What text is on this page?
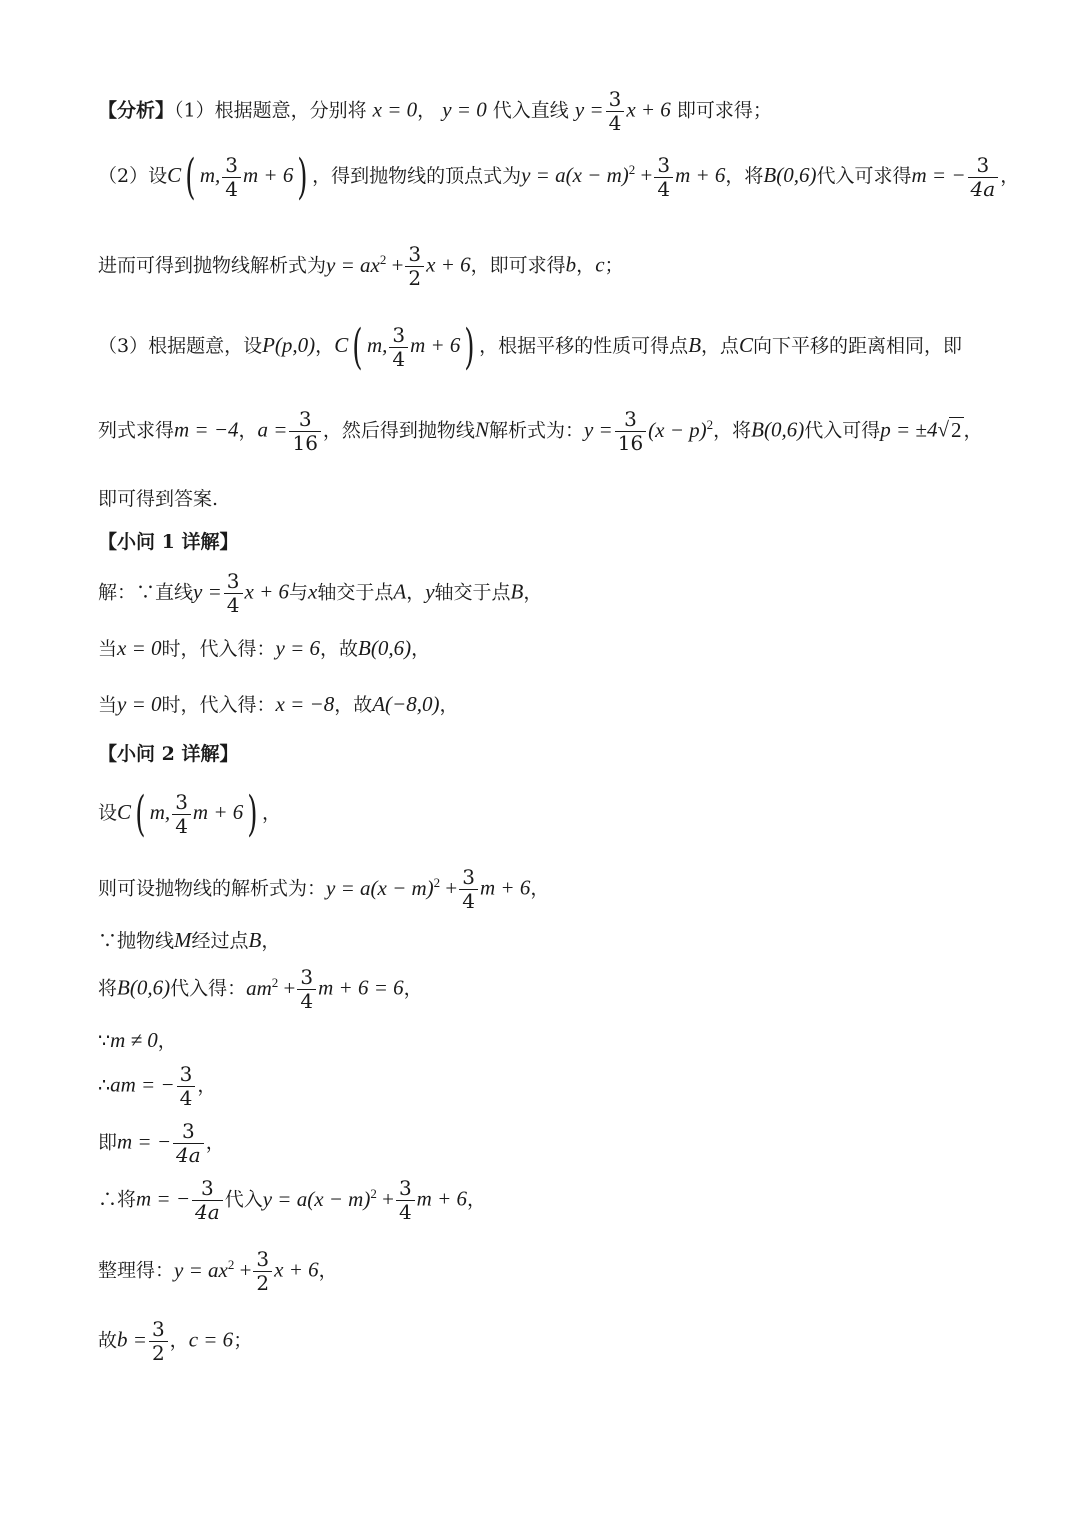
【分析】（1）根据题意，分别将 x = 0， y = 0 代入直线 $y = \frac{3}{4}$ x + 6 即可求得；
（2）设C( m, $\frac{3}{4}$ m + 6) ，得到抛物线的顶点式为$y = a(x - m)^2 + \frac{3}{4}$ m + 6，将B(0,6)代入可求得m = − $\frac{3}{4a}$ ，
进而可得到抛物线解析式为$y = ax^2 + \frac{3}{2}$ x + 6，即可求得b，c；
（3）根据题意，设P(p,0)，C( m, $\frac{3}{4}$ m + 6) ，根据平移的性质可得点B，点C向下平移的距离相同，即
列式求得m = −4，$a = \frac{3}{16}$ ，然后得到抛物线N解析式为：$y = \frac{3}{16} (x - p)^2$，将B(0,6)代入可得p = ±4√2 ，
即可得到答案.
【小问 1 详解】
解：∵直线$y = \frac{3}{4}$ x + 6与x轴交于点A，y轴交于点B，
当x = 0时，代入得：y = 6，故B(0,6)，
当y = 0时，代入得：x = −8，故A(−8,0)，
【小问 2 详解】
设C( m, $\frac{3}{4}$ m + 6) ，
则可设抛物线的解析式为：$y = a(x - m)^2 + \frac{3}{4}$ m + 6，
∵抛物线M经过点B，
将B(0,6)代入得：$am^2 + \frac{3}{4}$ m + 6 = 6，
∵m ≠ 0，
∴am = − $\frac{3}{4}$ ，
即m = − $\frac{3}{4a}$ ，
∴将m = − $\frac{3}{4a}$ 代入$y = a(x - m)^2 + \frac{3}{4}$ m + 6，
整理得：$y = ax^2 + \frac{3}{2}$ x + 6，
故$b = \frac{3}{2}$ ，c = 6；
